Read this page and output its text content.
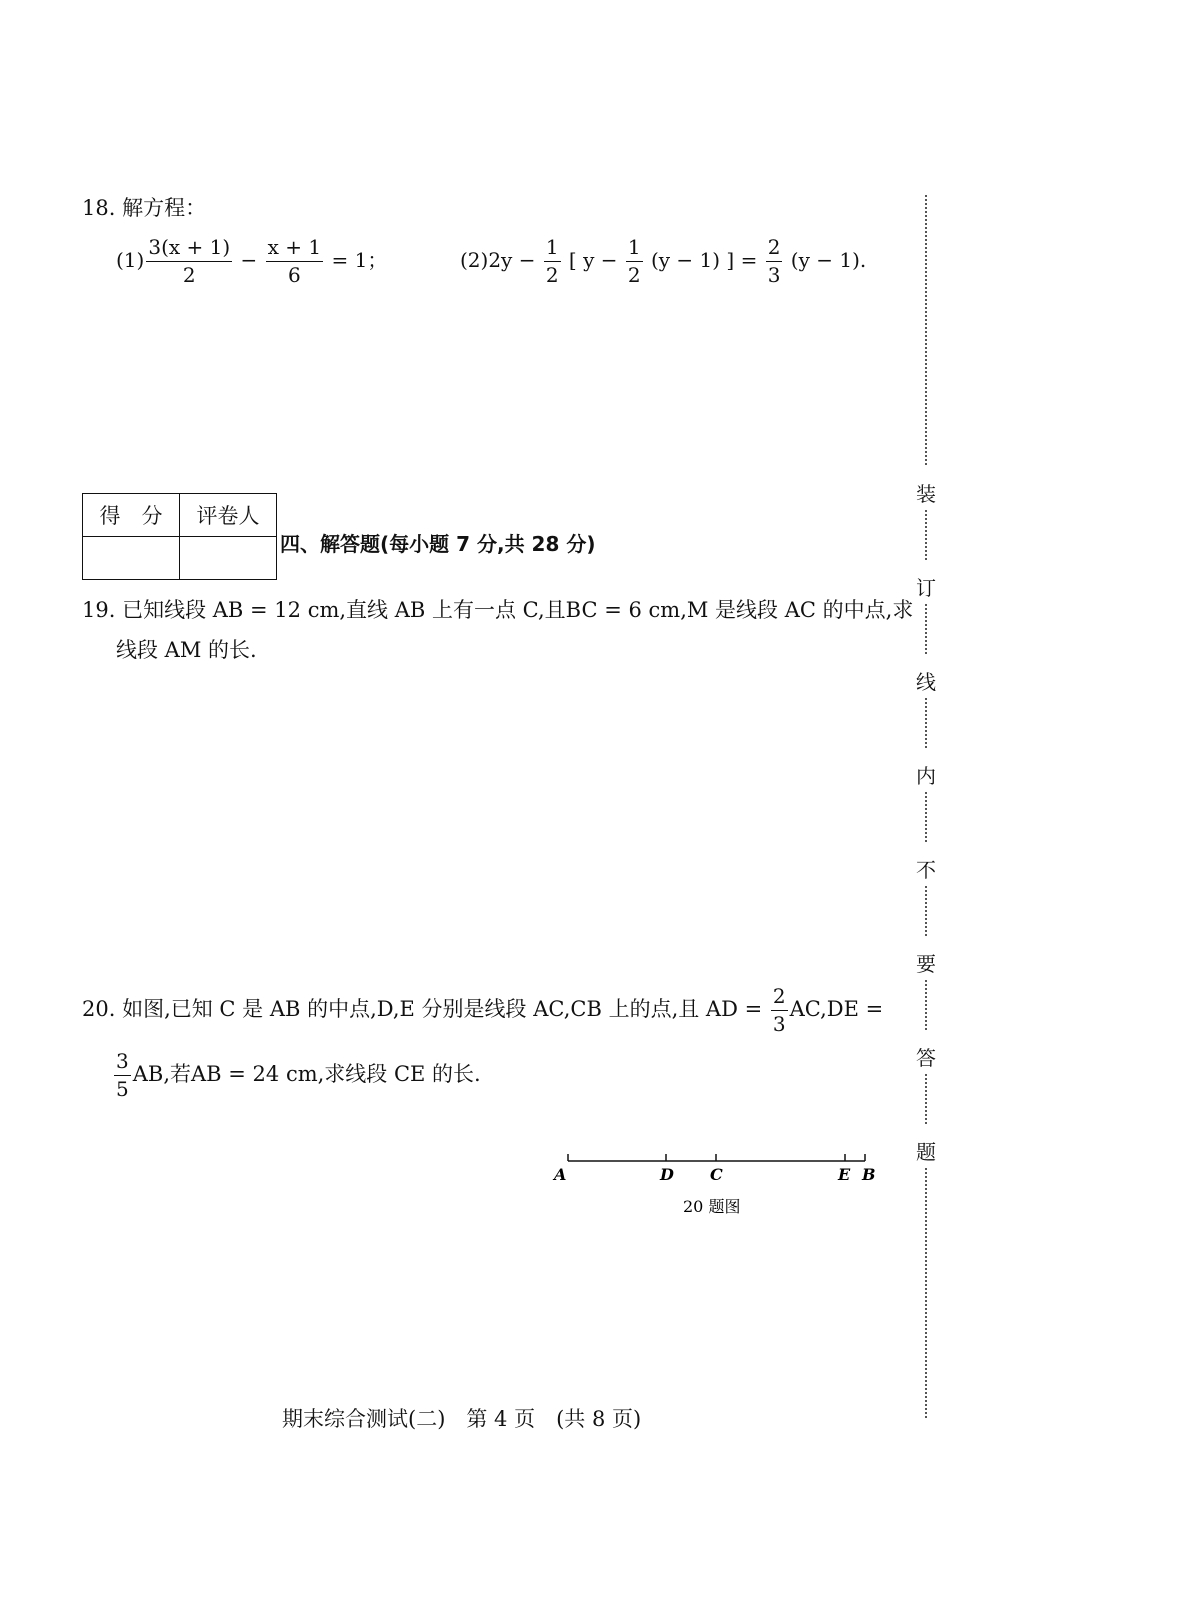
18. 解方程：
$(1) \frac{3(x + 1)}{2} - \frac{x + 1}{6} = 1$；	$(2)2y - \frac{1}{2}$ [ $y - \frac{1}{2} (y - 1)$ ] = $\frac{2}{3} (y - 1)$.
得　分	评卷人

四、解答题(每小题 7 分,共 28 分)
19. 已知线段 AB = 12 cm,直线 AB 上有一点 C,且BC = 6 cm,M 是线段 AC 的中点,求
线段 AM 的长.
20. 如图,已知 C 是 AB 的中点,D,E 分别是线段 AC,CB 上的点,且 AD = $\frac{2}{3} AC,DE$ =
$\frac{3}{5}$ AB,若AB = 24 cm,求线段 CE 的长.
A	D C	E B
20 题图
装
订
线
内
不
要
答
题
期末综合测试(二)　第 4 页　(共 8 页)
